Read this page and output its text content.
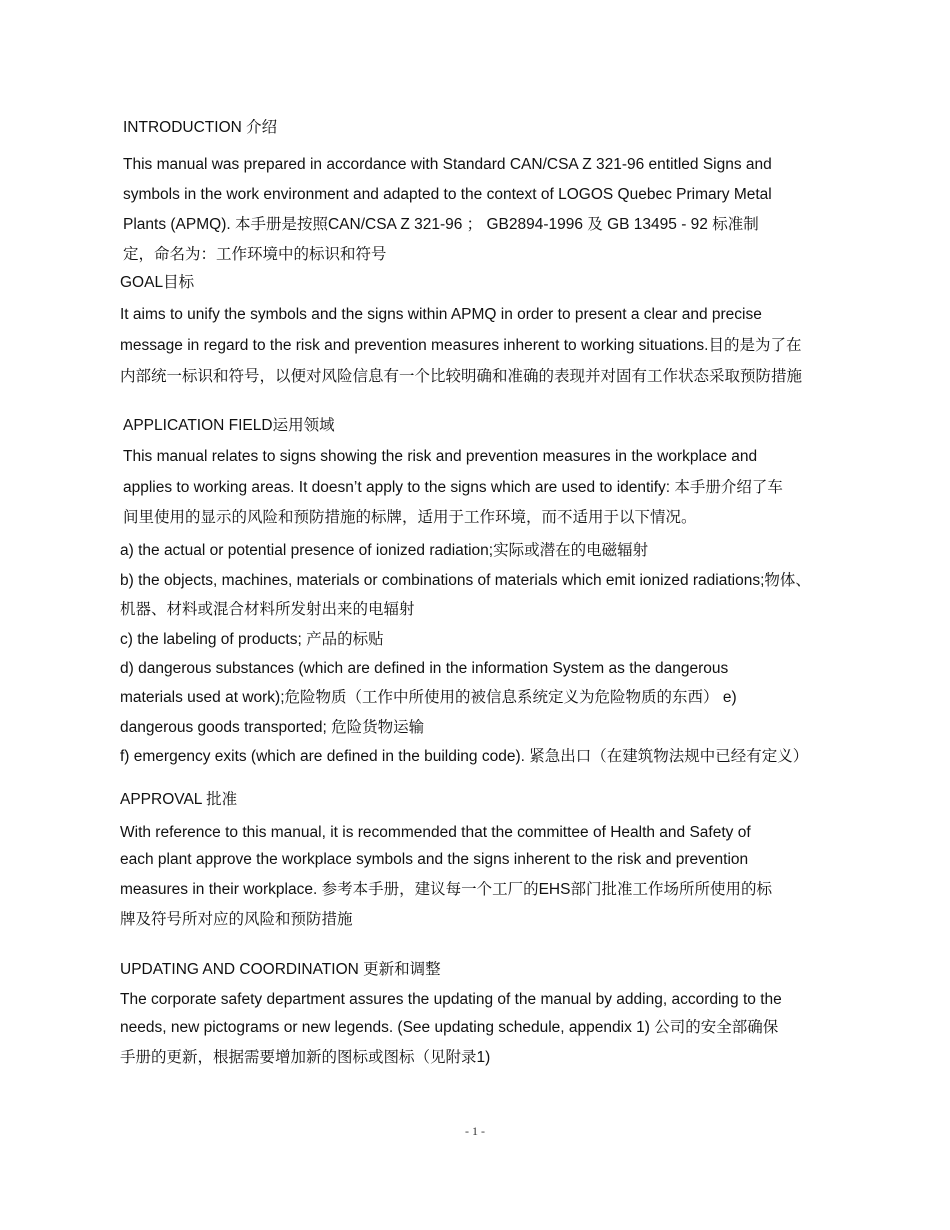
INTRODUCTION 介绍
This manual was prepared in accordance with Standard CAN/CSA Z 321-96 entitled Signs and
symbols in the work environment and adapted to the context of LOGOS Quebec Primary Metal
Plants (APMQ). 本手册是按照CAN/CSA Z 321-96 ； GB2894-1996 及 GB 13495 - 92 标准制
定，命名为：工作环境中的标识和符号
GOAL目标
It aims to unify the symbols and the signs within APMQ in order to present a clear and precise
message in regard to the risk and prevention measures inherent to working situations.目的是为了在
内部统一标识和符号，以便对风险信息有一个比较明确和准确的表现并对固有工作状态采取预防措施
APPLICATION FIELD运用领域
This manual relates to signs showing the risk and prevention measures in the workplace and
applies to working areas. It doesn’t apply to the signs which are used to identify: 本手册介绍了车
间里使用的显示的风险和预防措施的标牌，适用于工作环境，而不适用于以下情况。
a) the actual or potential presence of ionized radiation;实际或潜在的电磁辐射
b) the objects, machines, materials or combinations of materials which emit ionized radiations;物体、
机器、材料或混合材料所发射出来的电辐射
c) the labeling of products; 产品的标贴
d) dangerous substances (which are defined in the information System as the dangerous
materials used at work);危险物质（工作中所使用的被信息系统定义为危险物质的东西） e)
dangerous goods transported; 危险货物运输
f) emergency exits (which are defined in the building code). 紧急出口（在建筑物法规中已经有定义）
APPROVAL 批准
With reference to this manual, it is recommended that the committee of Health and Safety of
each plant approve the workplace symbols and the signs inherent to the risk and prevention
measures in their workplace. 参考本手册，建议每一个工厂的EHS部门批准工作场所所使用的标
牌及符号所对应的风险和预防措施
UPDATING AND COORDINATION 更新和调整
The corporate safety department assures the updating of the manual by adding, according to the
needs, new pictograms or new legends. (See updating schedule, appendix 1) 公司的安全部确保
手册的更新，根据需要增加新的图标或图标（见附录1)
- 1 -
